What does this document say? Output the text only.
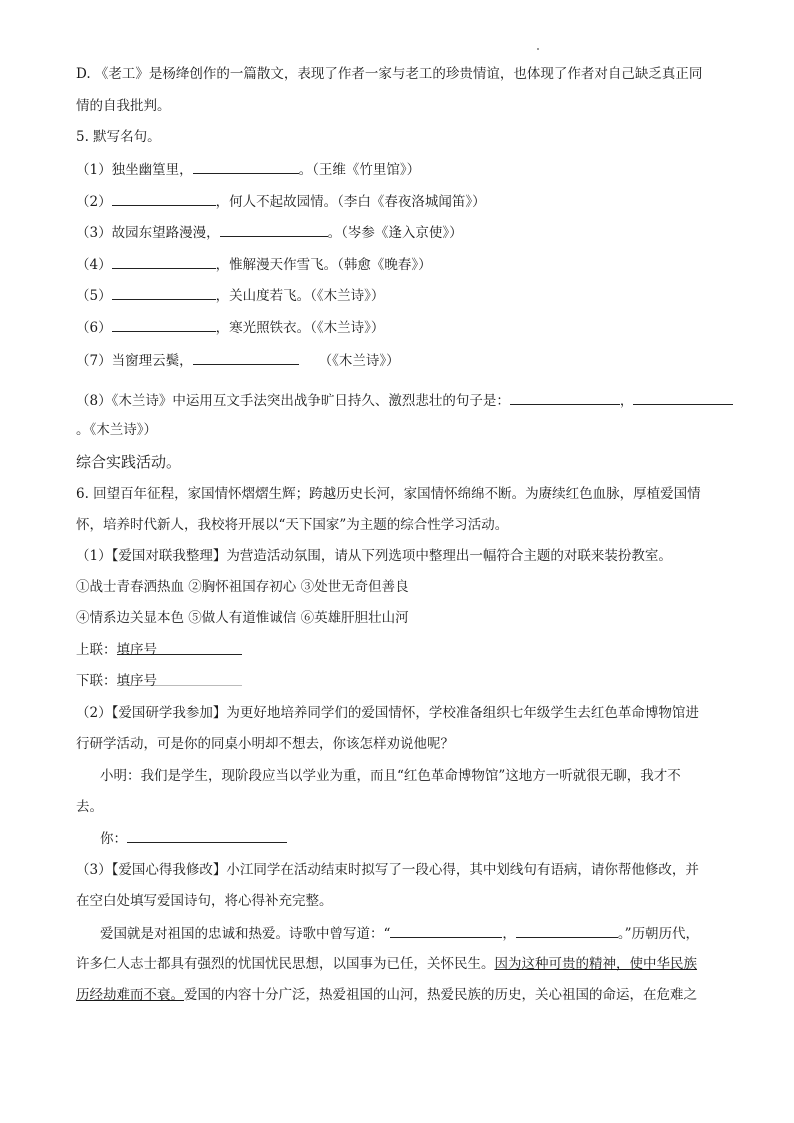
D. 《老工》是杨绛创作的一篇散文，表现了作者一家与老工的珍贵情谊，也体现了作者对自己缺乏真正同
情的自我批判。
5. 默写名句。
（1）独坐幽篁里，	。（王维《竹里馆》）
（2）	，何人不起故园情。（李白《春夜洛城闻笛》）
（3）故园东望路漫漫，	。（岑参《逢入京使》）
（4）	，惟解漫天作雪飞。（韩愈《晚春》）
（5）	，关山度若飞。（《木兰诗》）
（6）	，寒光照铁衣。（《木兰诗》）
（7）当窗理云鬓，	（《木兰诗》）
（8）《木兰诗》中运用互文手法突出战争旷日持久、激烈悲壮的句子是：	，
。《木兰诗》）
综合实践活动。
6. 回望百年征程，家国情怀熠熠生辉；跨越历史长河，家国情怀绵绵不断。为赓续红色血脉，厚植爱国情
怀，培养时代新人，我校将开展以“天下国家”为主题的综合性学习活动。
（1）【爱国对联我整理】为营造活动氛围，请从下列选项中整理出一幅符合主题的对联来装扮教室。
①战士青春洒热血 ②胸怀祖国存初心 ③处世无奇但善良
④情系边关显本色 ⑤做人有道惟诚信 ⑥英雄肝胆壮山河
上联：填序号
下联：填序号
（2）【爱国研学我参加】为更好地培养同学们的爱国情怀，学校准备组织七年级学生去红色革命博物馆进
行研学活动，可是你的同桌小明却不想去，你该怎样劝说他呢？
小明：我们是学生，现阶段应当以学业为重，而且“红色革命博物馆”这地方一听就很无聊，我才不
去。
你：
（3）【爱国心得我修改】小江同学在活动结束时拟写了一段心得，其中划线句有语病，请你帮他修改，并
在空白处填写爱国诗句，将心得补充完整。
爱国就是对祖国的忠诚和热爱。诗歌中曾写道：“	，	。”历朝历代，
许多仁人志士都具有强烈的忧国忧民思想，以国事为已任，关怀民生。因为这种可贵的精神，使中华民族
历经劫难而不衰。爱国的内容十分广泛，热爱祖国的山河，热爱民族的历史，关心祖国的命运，在危难之
